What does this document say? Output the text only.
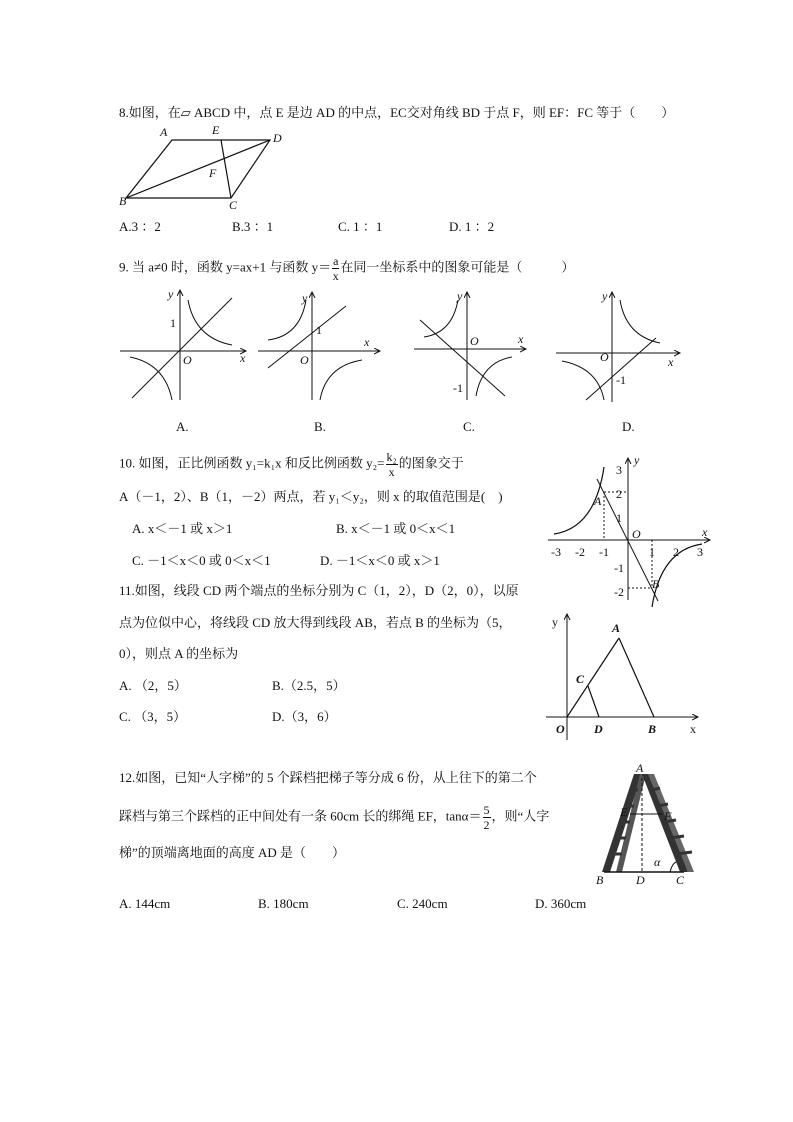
8.如图，在▱ ABCD 中，点 E 是边 AD 的中点，EC交对角线 BD 于点 F，则 EF：FC 等于（　　）
A	E
D
F
B	C
A.3 ：2	B.3 ：1	C. 1 ：1	D. 1 ：2
9. 当 a≠0 时，函数 y=ax+1 与函数 $y= \frac{a}{x}$ 在同一坐标系中的图象可能是（　　　）
y
1
O	x
y
1
O
x
y
O
-1
x
y
O
-1
x
A.	B.	C.	D.
10. 如图，正比例函数 y₁=k₁x 和反比例函数 $y_2= \frac{\text{k₂}}{x}$ 的图象交于
A（－1，2）、B（1，－2）两点，若 y₁＜y₂，则 x 的取值范围是(　)
A. x＜－1 或 x＞1	B. x＜－1 或 0＜x＜1
C. －1＜x＜0 或 0＜x＜1	D. －1＜x＜0 或 x＞1
-3 -2 -1	1 2 3
3
2
1
-1
-2
y
x
O
A
B
11.如图，线段 CD 两个端点的坐标分别为 C（1，2），D（2，0），以原
点为位似中心，将线段 CD 放大得到线段 AB，若点 B 的坐标为（5，
0），则点 A 的坐标为
A. （2，5）	B.（2.5，5）
C. （3，5）	D.（3，6）
y
x
O
A
C
D	B
12.如图，已知“人字梯”的 5 个踩档把梯子等分成 6 份，从上往下的第二个
踩档与第三个踩档的正中间处有一条 60cm 长的绑绳 EF，$\tan\alpha= \frac{5}{2}$ ，则“人字
梯”的顶端离地面的高度 AD 是（　　）
A. 144cm	B. 180cm	C. 240cm	D. 360cm
A
E	F
B	D	C
α
